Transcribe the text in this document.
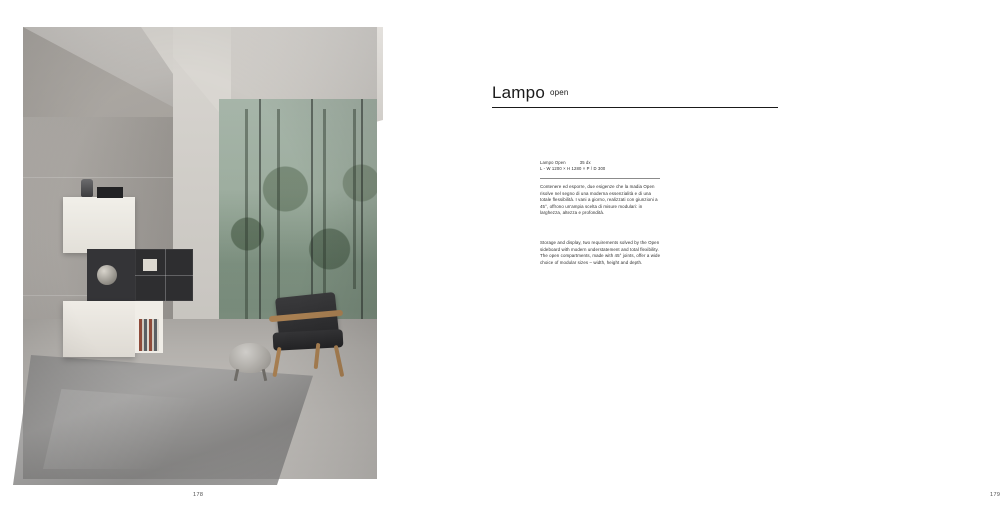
178
Lampo open
Lampo Open	35 dx
L - W 1200 × H 1280 × P / D 300
Contenere ed esporre, due esigenze che la madia Open risolve nel segno di una moderna essenzialità e di una totale flessibilità. I vani a giorno, realizzati con giunzioni a 45°, offrono un'ampia scelta di misure modulari: in larghezza, altezza e profondità.
Storage and display, two requirements solved by the Open sideboard with modern understatement and total flexibility. The open compartments, made with 45° joints, offer a wide choice of modular sizes – width, height and depth.
179
